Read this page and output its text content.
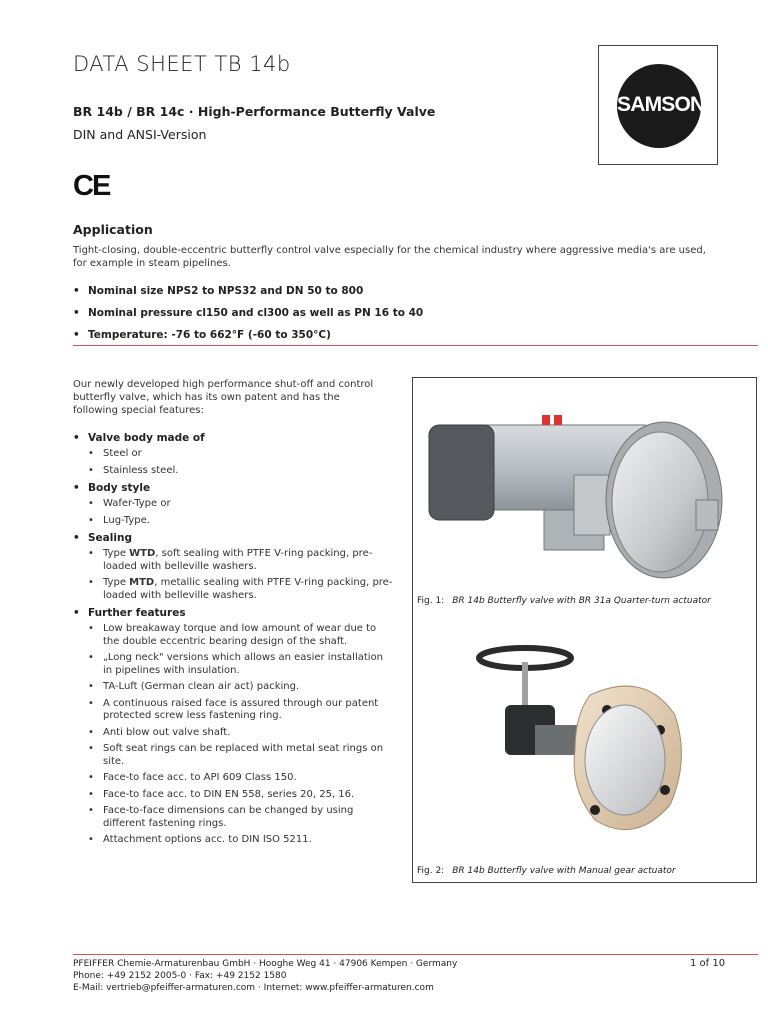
DATA SHEET TB 14b
BR 14b / BR 14c · High-Performance Butterfly Valve
DIN and ANSI-Version
SAMSON
CE
Application
Tight-closing, double-eccentric butterfly control valve especially for the chemical industry where aggressive media's are used, for example in steam pipelines.
• Nominal size NPS2 to NPS32 and DN 50 to 800
• Nominal pressure cl150 and cl300 as well as PN 16 to 40
• Temperature: -76 to 662°F (-60 to 350°C)
Our newly developed high performance shut-off and control butterfly valve, which has its own patent and has the following special features:
• Valve body made of
• Steel or
• Stainless steel.
• Body style
• Wafer-Type or
• Lug-Type.
• Sealing
• Type WTD, soft sealing with PTFE V-ring packing, pre-loaded with belleville washers.
• Type MTD, metallic sealing with PTFE V-ring packing, pre-loaded with belleville washers.
• Further features
• Low breakaway torque and low amount of wear due to the double eccentric bearing design of the shaft.
• „Long neck" versions which allows an easier installation in pipelines with insulation.
• TA-Luft (German clean air act) packing.
• A continuous raised face is assured through our patent protected screw less fastening ring.
• Anti blow out valve shaft.
• Soft seat rings can be replaced with metal seat rings on site.
• Face-to face acc. to API 609 Class 150.
• Face-to face acc. to DIN EN 558, series 20, 25, 16.
• Face-to-face dimensions can be changed by using different fastening rings.
• Attachment options acc. to DIN ISO 5211.
Fig. 1: BR 14b Butterfly valve with BR 31a Quarter-turn actuator
Fig. 2: BR 14b Butterfly valve with Manual gear actuator
PFEIFFER Chemie-Armaturenbau GmbH · Hooghe Weg 41 · 47906 Kempen · Germany
Phone: +49 2152 2005-0 · Fax: +49 2152 1580
E-Mail: vertrieb@pfeiffer-armaturen.com · Internet: www.pfeiffer-armaturen.com
1 of 10
